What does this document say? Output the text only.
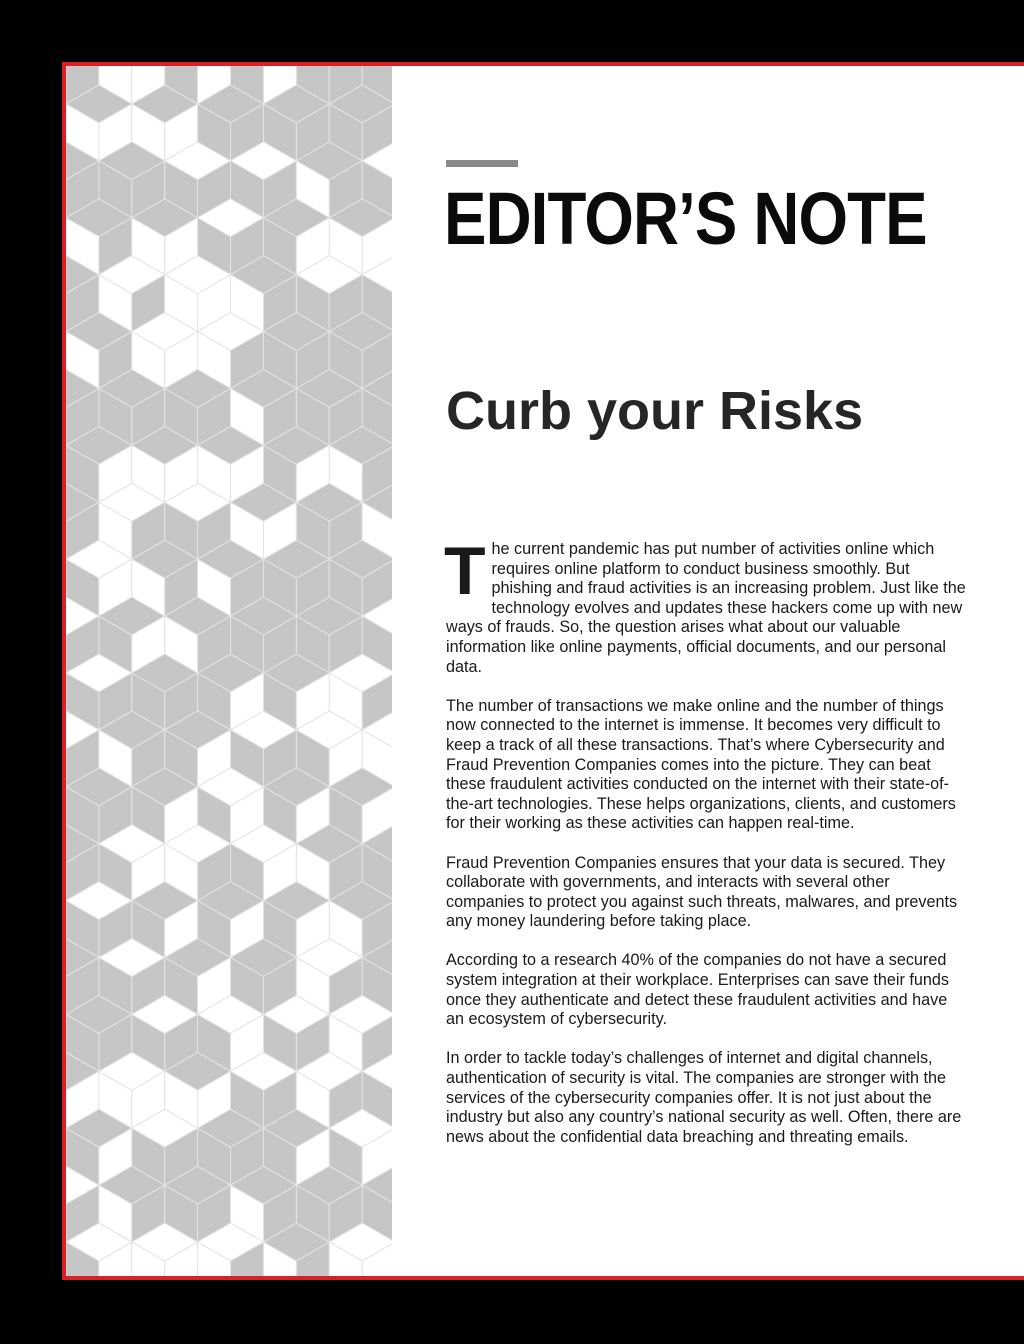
EDITOR’S NOTE
Curb your Risks

The current pandemic has put number of activities online which requires online platform to conduct business smoothly. But phishing and fraud activities is an increasing problem. Just like the technology evolves and updates these hackers come up with new ways of frauds. So, the question arises what about our valuable information like online payments, official documents, and our personal data.

The number of transactions we make online and the number of things now connected to the internet is immense. It becomes very difficult to keep a track of all these transactions. That’s where Cybersecurity and Fraud Prevention Companies comes into the picture. They can beat these fraudulent activities conducted on the internet with their state-of-the-art technologies. These helps organizations, clients, and customers for their working as these activities can happen real-time.

Fraud Prevention Companies ensures that your data is secured. They collaborate with governments, and interacts with several other companies to protect you against such threats, malwares, and prevents any money laundering before taking place.

According to a research 40% of the companies do not have a secured system integration at their workplace. Enterprises can save their funds once they authenticate and detect these fraudulent activities and have an ecosystem of cybersecurity.

In order to tackle today’s challenges of internet and digital channels, authentication of security is vital. The companies are stronger with the services of the cybersecurity companies offer. It is not just about the industry but also any country’s national security as well. Often, there are news about the confidential data breaching and threating emails.
